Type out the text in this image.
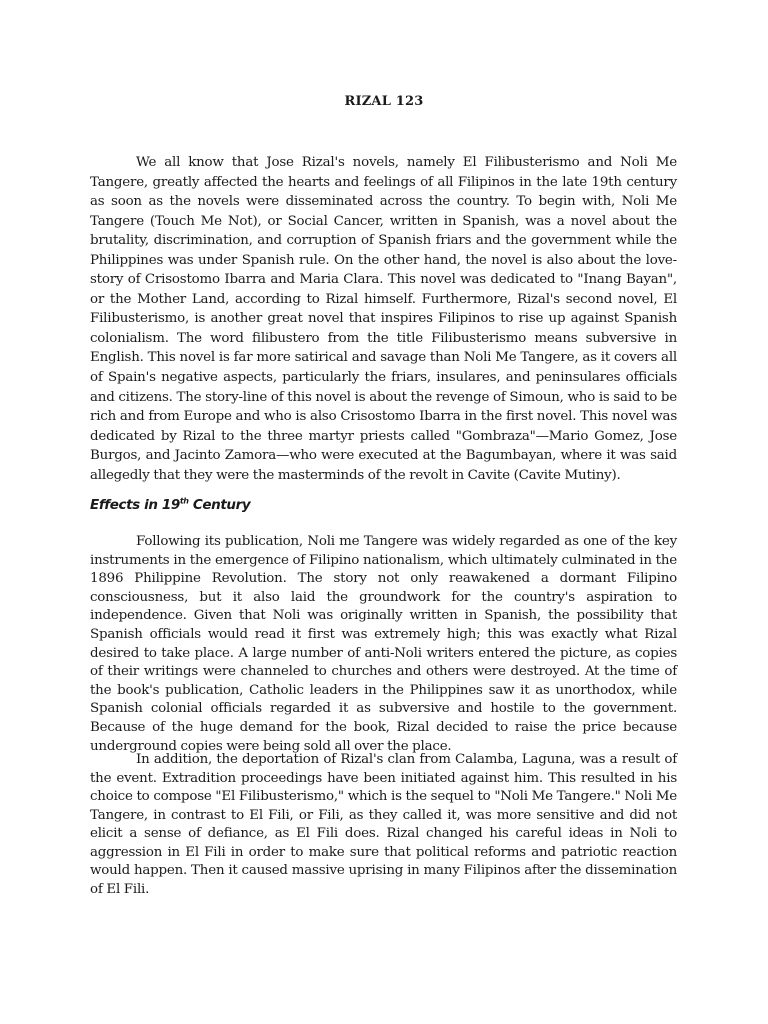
RIZAL 123

We all know that Jose Rizal's novels, namely El Filibusterismo and Noli Me Tangere, greatly affected the hearts and feelings of all Filipinos in the late 19th century as soon as the novels were disseminated across the country. To begin with, Noli Me Tangere (Touch Me Not), or Social Cancer, written in Spanish, was a novel about the brutality, discrimination, and corruption of Spanish friars and the government while the Philippines was under Spanish rule. On the other hand, the novel is also about the love-story of Crisostomo Ibarra and Maria Clara. This novel was dedicated to "Inang Bayan", or the Mother Land, according to Rizal himself. Furthermore, Rizal's second novel, El Filibusterismo, is another great novel that inspires Filipinos to rise up against Spanish colonialism. The word filibustero from the title Filibusterismo means subversive in English. This novel is far more satirical and savage than Noli Me Tangere, as it covers all of Spain's negative aspects, particularly the friars, insulares, and peninsulares officials and citizens. The story-line of this novel is about the revenge of Simoun, who is said to be rich and from Europe and who is also Crisostomo Ibarra in the first novel. This novel was dedicated by Rizal to the three martyr priests called "Gombraza"—Mario Gomez, Jose Burgos, and Jacinto Zamora—who were executed at the Bagumbayan, where it was said allegedly that they were the masterminds of the revolt in Cavite (Cavite Mutiny).

Effects in 19th Century

Following its publication, Noli me Tangere was widely regarded as one of the key instruments in the emergence of Filipino nationalism, which ultimately culminated in the 1896 Philippine Revolution. The story not only reawakened a dormant Filipino consciousness, but it also laid the groundwork for the country's aspiration to independence. Given that Noli was originally written in Spanish, the possibility that Spanish officials would read it first was extremely high; this was exactly what Rizal desired to take place. A large number of anti-Noli writers entered the picture, as copies of their writings were channeled to churches and others were destroyed. At the time of the book's publication, Catholic leaders in the Philippines saw it as unorthodox, while Spanish colonial officials regarded it as subversive and hostile to the government. Because of the huge demand for the book, Rizal decided to raise the price because underground copies were being sold all over the place.

In addition, the deportation of Rizal's clan from Calamba, Laguna, was a result of the event. Extradition proceedings have been initiated against him. This resulted in his choice to compose "El Filibusterismo," which is the sequel to "Noli Me Tangere." Noli Me Tangere, in contrast to El Fili, or Fili, as they called it, was more sensitive and did not elicit a sense of defiance, as El Fili does. Rizal changed his careful ideas in Noli to aggression in El Fili in order to make sure that political reforms and patriotic reaction would happen. Then it caused massive uprising in many Filipinos after the dissemination of El Fili.
